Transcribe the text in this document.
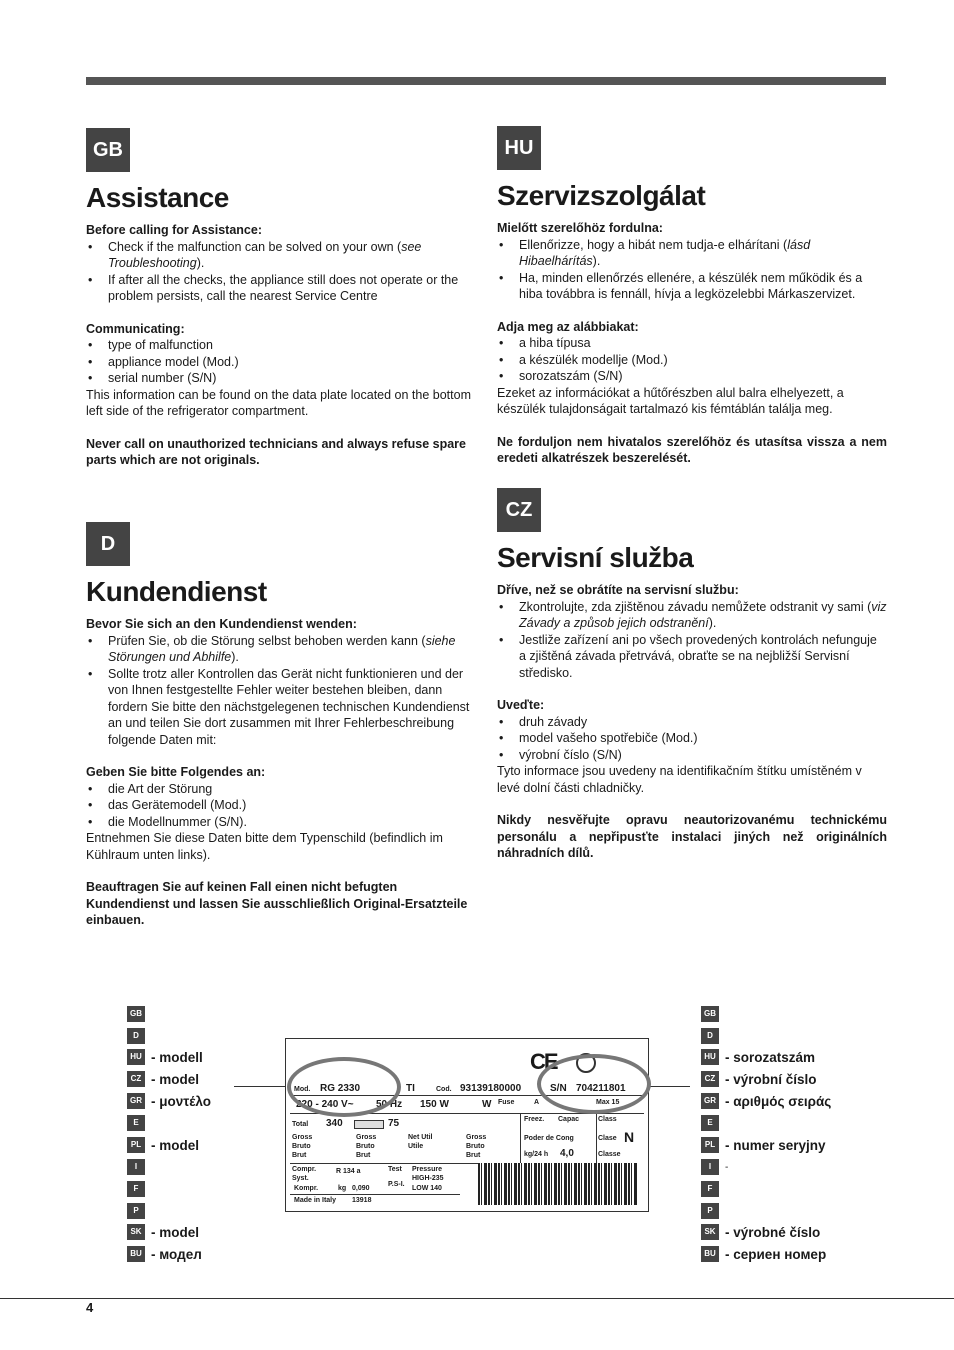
GB
Assistance

Before calling for Assistance:

• Check if the malfunction can be solved on your own (see Troubleshooting).
• If after all the checks, the appliance still does not operate or the problem persists, call the nearest Service Centre

Communicating:

• type of malfunction
• appliance model (Mod.)
• serial number (S/N)

This information can be found on the data plate located on the bottom left side of the refrigerator compartment.

Never call on unauthorized technicians and always refuse spare parts which are not originals.

D
Kundendienst

Bevor Sie sich an den Kundendienst wenden:

• Prüfen Sie, ob die Störung selbst behoben werden kann (siehe Störungen und Abhilfe).
• Sollte trotz aller Kontrollen das Gerät nicht funktionieren und der von Ihnen festgestellte Fehler weiter bestehen bleiben, dann fordern Sie bitte den nächstgelegenen technischen Kundendienst an und teilen Sie dort zusammen mit Ihrer Fehlerbeschreibung folgende Daten mit:

Geben Sie bitte Folgendes an:

• die Art der Störung
• das Gerätemodell (Mod.)
• die Modellnummer (S/N).

Entnehmen Sie diese Daten bitte dem Typenschild (befindlich im Kühlraum unten links).

Beauftragen Sie auf keinen Fall einen nicht befugten Kundendienst und lassen Sie ausschließlich Original-Ersatzteile einbauen.

HU
Szervizszolgálat

Mielőtt szerelőhöz fordulna:

• Ellenőrizze, hogy a hibát nem tudja-e elhárítani (lásd Hibaelhárítás).
• Ha, minden ellenőrzés ellenére, a készülék nem működik és a hiba továbbra is fennáll, hívja a legközelebbi Márkaszervizet.

Adja meg az alábbiakat:

• a hiba típusa
• a készülék modellje (Mod.)
• sorozatszám (S/N)

Ezeket az információkat a hűtőrészben alul balra elhelyezett, a készülék tulajdonságait tartalmazó kis fémtáblán találja meg.

Ne forduljon nem hivatalos szerelőhöz és utasítsa vissza a nem eredeti alkatrészek beszerelését.

CZ
Servisní služba

Dříve, než se obrátíte na servisní službu:

• Zkontrolujte, zda zjištěnou závadu nemůžete odstranit vy sami (viz Závady a způsob jejich odstranění).
• Jestliže zařízení ani po všech provedených kontrolách nefunguje a zjištěná závada přetrvává, obraťte se na nejbližší Servisní středisko.

Uveďte:

• druh závady
• model vašeho spotřebiče (Mod.)
• výrobní číslo (S/N)

Tyto informace jsou uvedeny na identifikačním štítku umístěném v levé dolní části chladničky.

Nikdy nesvěřujte opravu neautorizovanému technickému personálu a nepřipusťte instalaci jiných než originálních náhradních dílů.

GB
D
HU - modell
CZ - model
GR - μοντέλο
E
PL - model
I
F
P
SK - model
BU - модел
GB
D
HU - sorozatszám
CZ - výrobní číslo
GR - αριθμός σειράς
E
PL - numer seryjny
I	-
F
P
SK - výrobné číslo
BU - сериен номер
CE
Mod. RG 2330	TI	Cod. 93139180000	S/N 704211801
220 - 240 V~ 50 Hz 150 W	W Fuse	A	Max 15
Total 340	75	Freez. Capac	Class
Gross Bruto Brut
Gross Bruto Brut
Net Util Utile
Gross Bruto Brut
Poder de Cong	Clase N
kg/24 h 4,0	Classe
Compr. Syst.
R 134 a	Test Pressure HIGH-235
Kompr.	kg 0,090
P.S-I.
LOW 140
Made in Italy 13918
4
